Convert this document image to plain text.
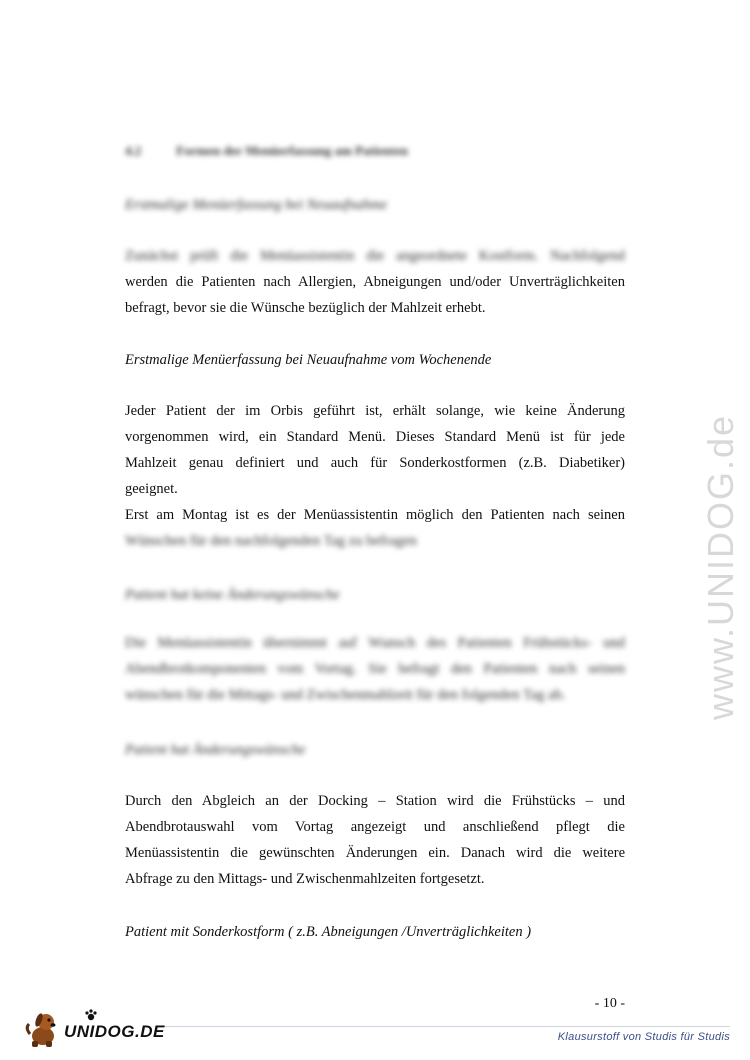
www.UNIDOG.de
4.2	Formen der Menüerfassung am Patienten
Erstmalige Menüerfassung bei Neuaufnahme
Zunächst prüft die Menüassistentin die angeordnete Kostform. Nachfolgend
werden die Patienten nach Allergien, Abneigungen und/oder Unverträglichkeiten
befragt, bevor sie die Wünsche bezüglich der Mahlzeit erhebt.
Erstmalige Menüerfassung bei Neuaufnahme vom Wochenende
Jeder Patient der im Orbis geführt ist, erhält solange, wie keine Änderung
vorgenommen wird, ein Standard Menü. Dieses Standard Menü ist für jede
Mahlzeit genau definiert und auch für Sonderkostformen (z.B. Diabetiker)
geeignet.
Erst am Montag ist es der Menüassistentin möglich den Patienten nach seinen
Wünschen für den nachfolgenden Tag zu befragen
Patient hat keine Änderungswünsche
Die Menüassistentin übernimmt auf Wunsch des Patienten Frühstücks- und
Abendbrotkomponenten vom Vortag. Sie befragt den Patienten nach seinen
wünschen für die Mittags- und Zwischenmahlzeit für den folgenden Tag ab.
Patient hat Änderungswünsche
Durch den Abgleich an der Docking – Station wird die Frühstücks – und
Abendbrotauswahl vom Vortag angezeigt und anschließend pflegt die
Menüassistentin die gewünschten Änderungen ein. Danach wird die weitere
Abfrage zu den Mittags- und Zwischenmahlzeiten fortgesetzt.
Patient mit Sonderkostform ( z.B. Abneigungen /Unverträglichkeiten )
- 10 -
UNIDOG.DE	Klausurstoff von Studis für Studis
